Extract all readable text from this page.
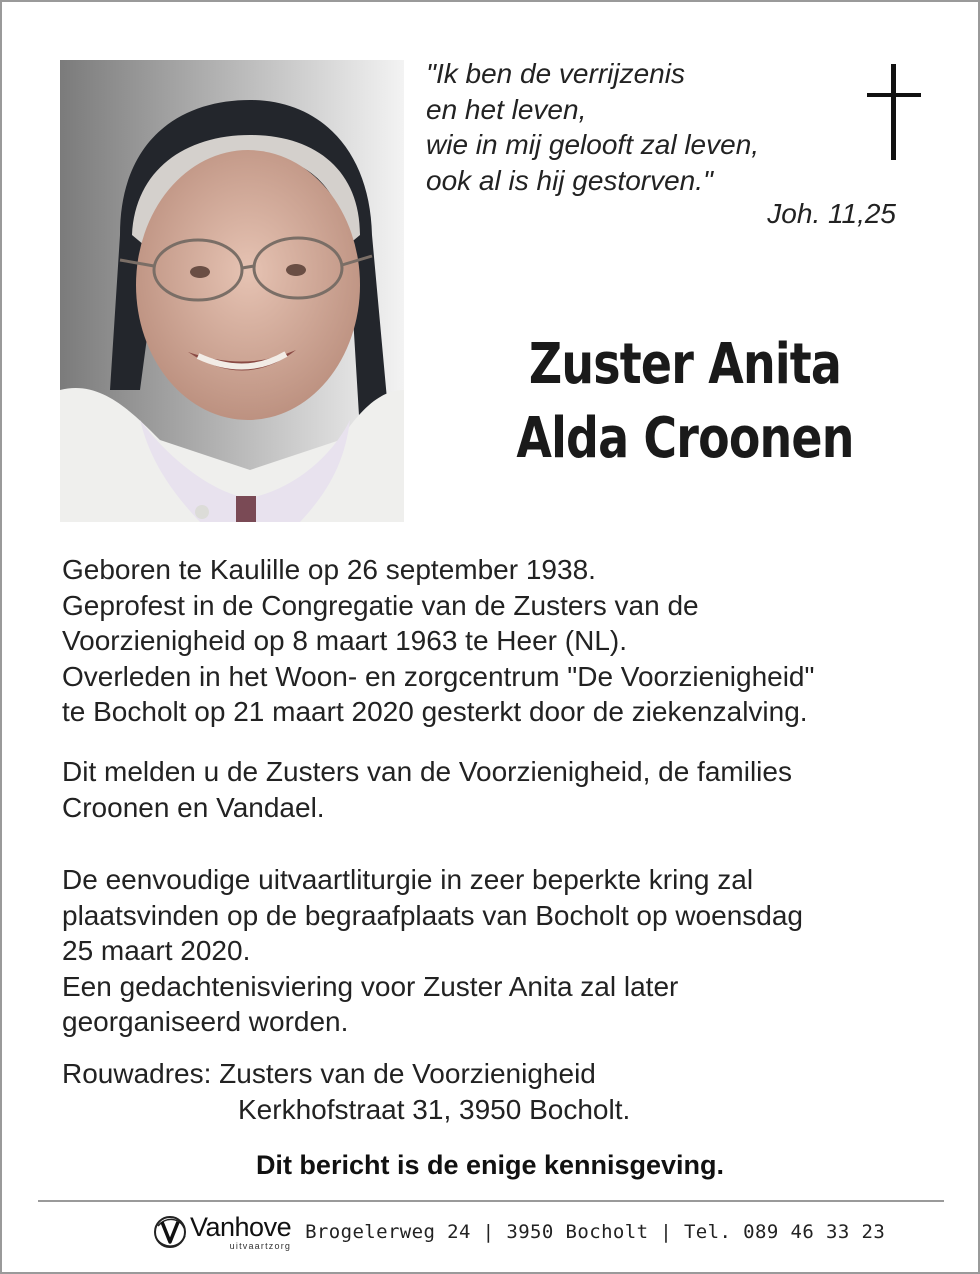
"Ik ben de verrijzenis
en het leven,
wie in mij gelooft zal leven,
ook al is hij gestorven."
Joh. 11,25
Zuster Anita
Alda Croonen
Geboren te Kaulille op 26 september 1938.
Geprofest in de Congregatie van de Zusters van de
Voorzienigheid op 8 maart 1963 te Heer (NL).
Overleden in het Woon- en zorgcentrum "De Voorzienigheid"
te Bocholt op 21 maart 2020 gesterkt door de ziekenzalving.
Dit melden u de Zusters van de Voorzienigheid, de families
Croonen en Vandael.
De eenvoudige uitvaartliturgie in zeer beperkte kring zal
plaatsvinden op de begraafplaats van Bocholt op woensdag
25 maart 2020.
Een gedachtenisviering voor Zuster Anita zal later
georganiseerd worden.
Rouwadres: Zusters van de Voorzienigheid
Kerkhofstraat 31, 3950 Bocholt.
Dit bericht is de enige kennisgeving.
Vanhove
uitvaartzorg
Brogelerweg 24 | 3950 Bocholt | Tel. 089 46 33 23
